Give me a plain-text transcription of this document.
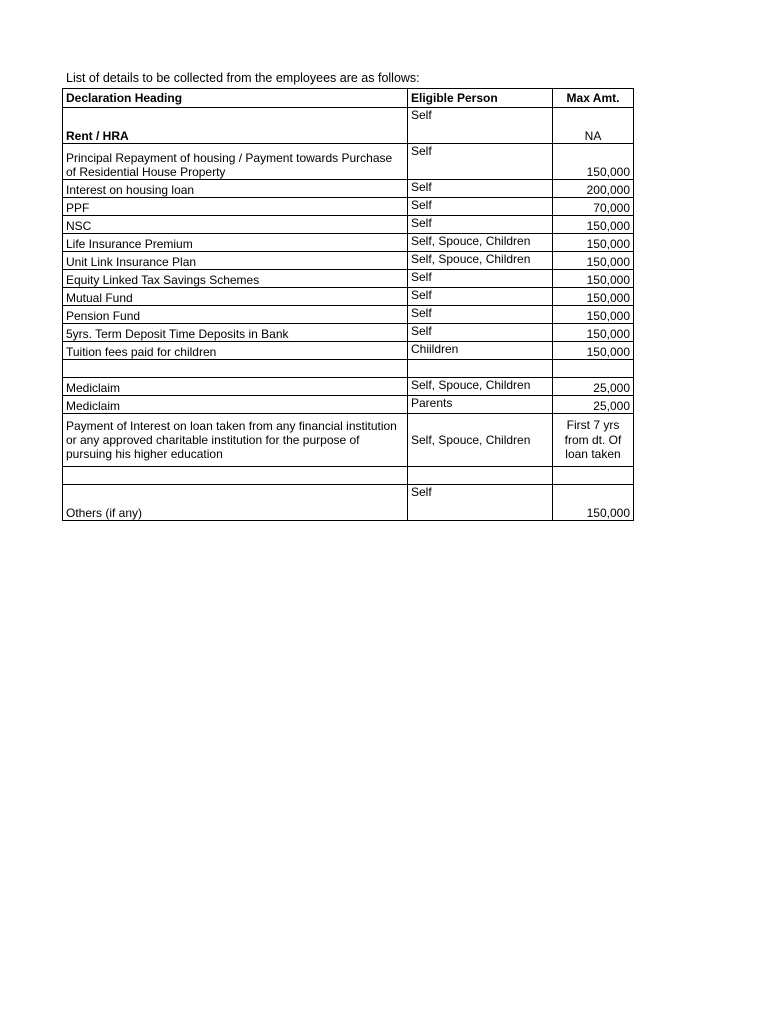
List of details to be collected from the employees are as follows:
Declaration Heading	Eligible Person	Max Amt.
Rent / HRA	Self	NA
Principal Repayment of housing / Payment towards Purchase of Residential House Property	Self	150,000
Interest on housing loan	Self	200,000
PPF	Self	70,000
NSC	Self	150,000
Life Insurance Premium	Self, Spouce, Children	150,000
Unit Link Insurance Plan	Self, Spouce, Children	150,000
Equity Linked Tax Savings Schemes	Self	150,000
Mutual Fund	Self	150,000
Pension Fund	Self	150,000
5yrs. Term Deposit Time Deposits in Bank	Self	150,000
Tuition fees paid for children	Chiildren	150,000

Mediclaim	Self, Spouce, Children	25,000
Mediclaim	Parents	25,000
Payment of Interest on loan taken from any financial institution or any approved charitable institution for the purpose of pursuing his higher education	Self, Spouce, Children	First 7 yrs from dt. Of loan taken

Others (if any)	Self	150,000
